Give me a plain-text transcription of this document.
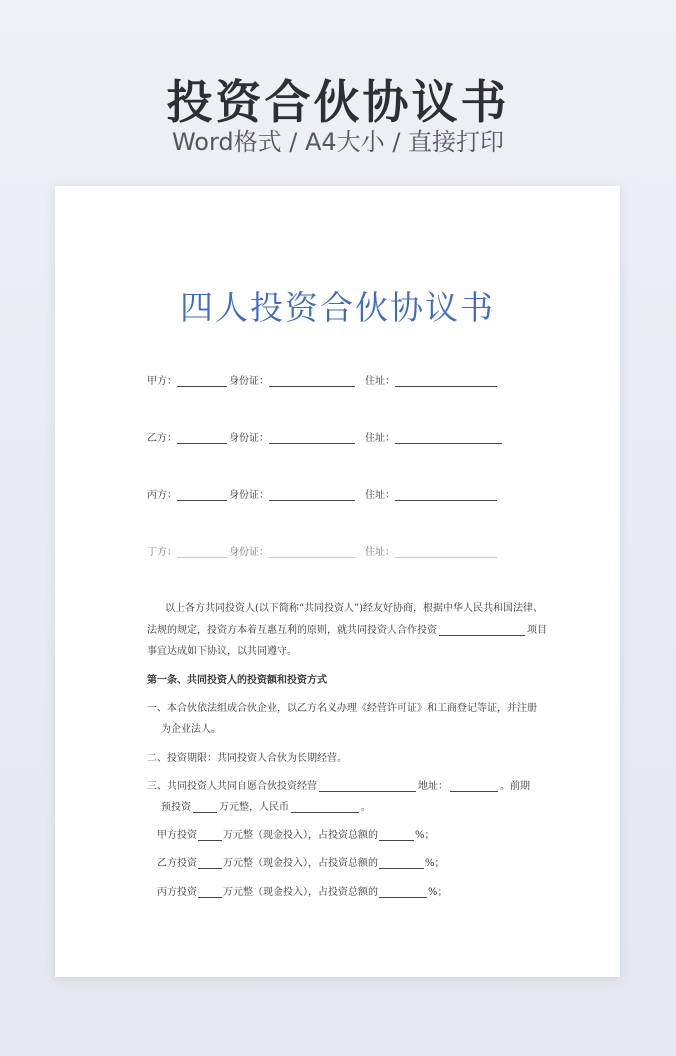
投资合伙协议书
Word格式 / A4大小 / 直接打印
四人投资合伙协议书
甲方：	身份证：	住址：
乙方：	身份证：	住址：
丙方：	身份证：	住址：
丁方：	身份证：	住址：
以上各方共同投资人(以下简称“共同投资人”)经友好协商，根据中华人民共和国法律、
法规的规定，投资方本着互惠互利的原则，就共同投资人合作投资	项目
事宜达成如下协议，以共同遵守。
第一条、共同投资人的投资额和投资方式
一、本合伙依法组成合伙企业，以乙方名义办理《经营许可证》和工商登记等证，并注册
为企业法人。
二、投资期限：共同投资人合伙为长期经营。
三、共同投资人共同自愿合伙投资经营	地址：	。前期
预投资	万元整，人民币	。
甲方投资	万元整（现金投入），占投资总额的	%；
乙方投资	万元整（现金投入），占投资总额的	%；
丙方投资	万元整（现金投入），占投资总额的	%；
